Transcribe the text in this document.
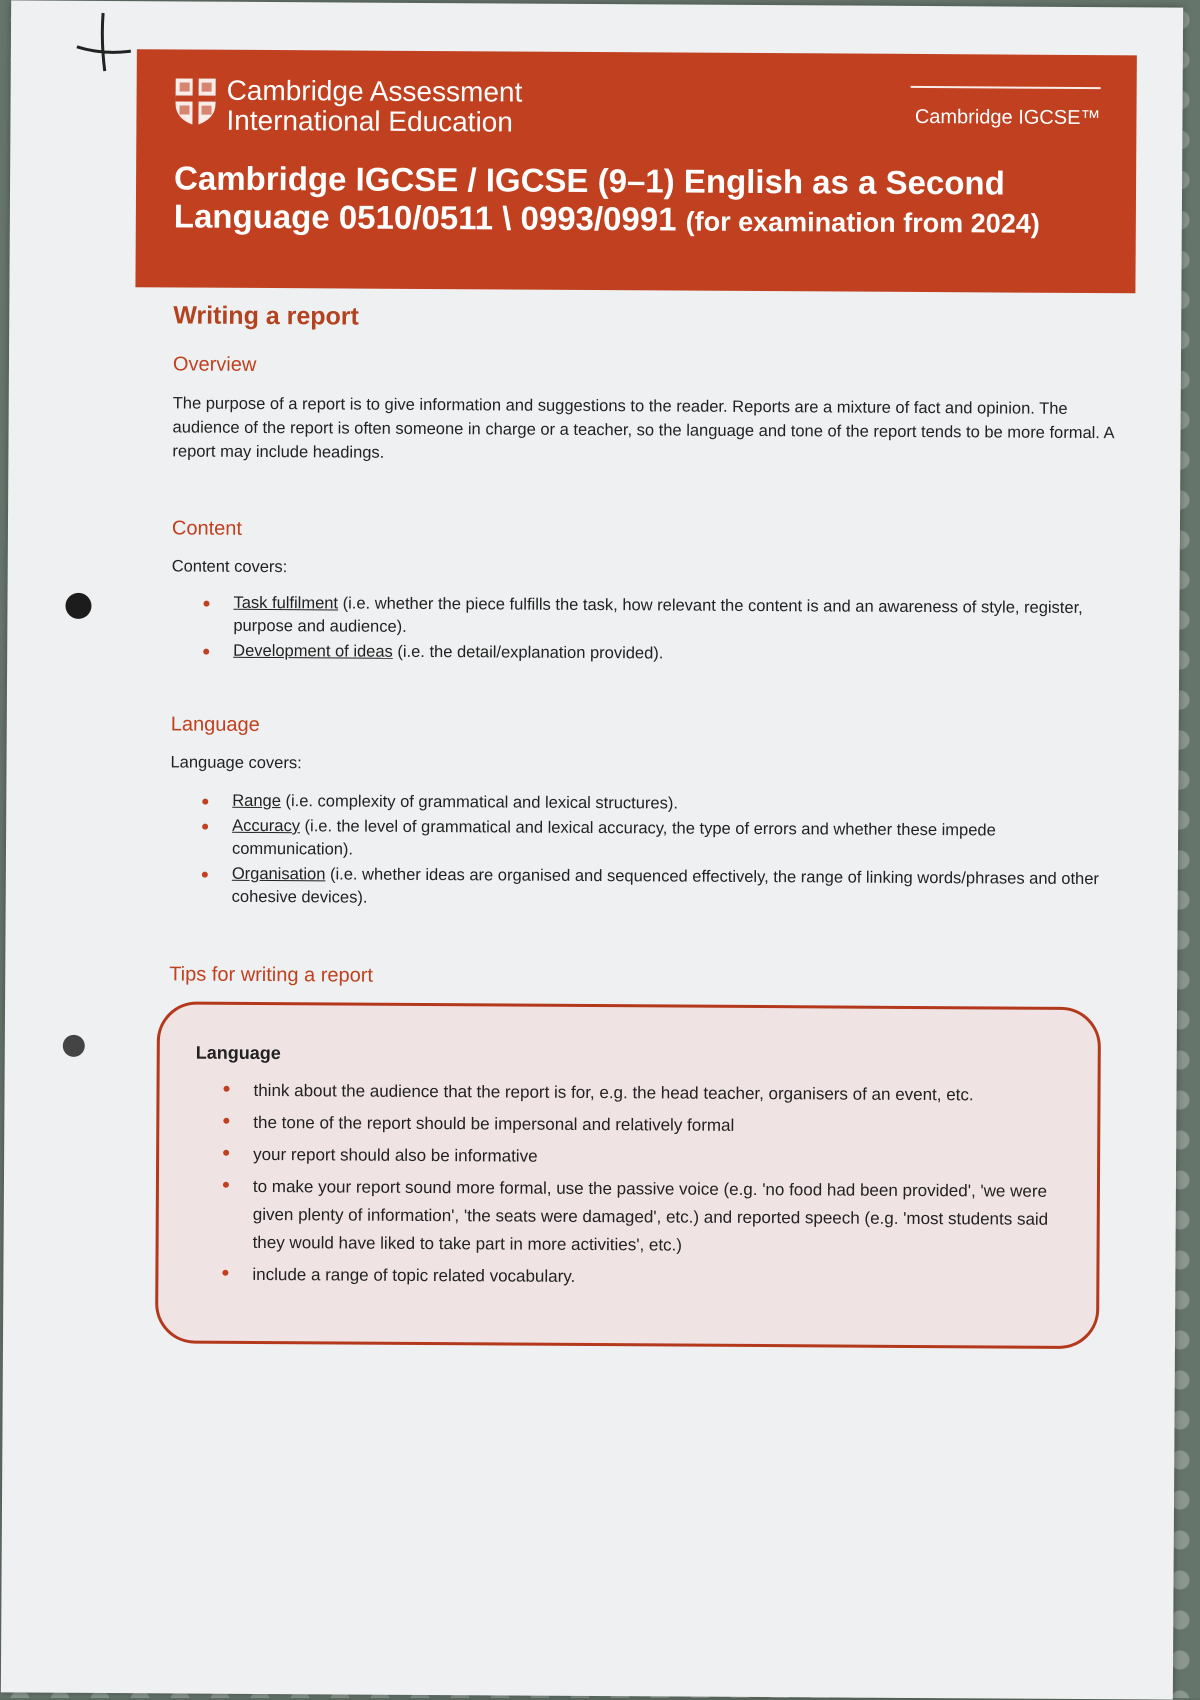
Cambridge Assessment
International Education	Cambridge IGCSE™
Cambridge IGCSE / IGCSE (9–1) English as a Second
Language 0510/0511 \ 0993/0991 (for examination from 2024)
Writing a report
Overview

The purpose of a report is to give information and suggestions to the reader. Reports are a mixture of fact and opinion. The audience of the report is often someone in charge or a teacher, so the language and tone of the report tends to be more formal. A report may include headings.

Content

Content covers:

Task fulfilment (i.e. whether the piece fulfills the task, how relevant the content is and an awareness of style, register, purpose and audience).
Development of ideas (i.e. the detail/explanation provided).
Language

Language covers:

Range (i.e. complexity of grammatical and lexical structures).
Accuracy (i.e. the level of grammatical and lexical accuracy, the type of errors and whether these impede communication).
Organisation (i.e. whether ideas are organised and sequenced effectively, the range of linking words/phrases and other cohesive devices).
Tips for writing a report
Language
think about the audience that the report is for, e.g. the head teacher, organisers of an event, etc.
the tone of the report should be impersonal and relatively formal
your report should also be informative
to make your report sound more formal, use the passive voice (e.g. 'no food had been provided', 'we were given plenty of information', 'the seats were damaged', etc.) and reported speech (e.g. 'most students said they would have liked to take part in more activities', etc.)
include a range of topic related vocabulary.
